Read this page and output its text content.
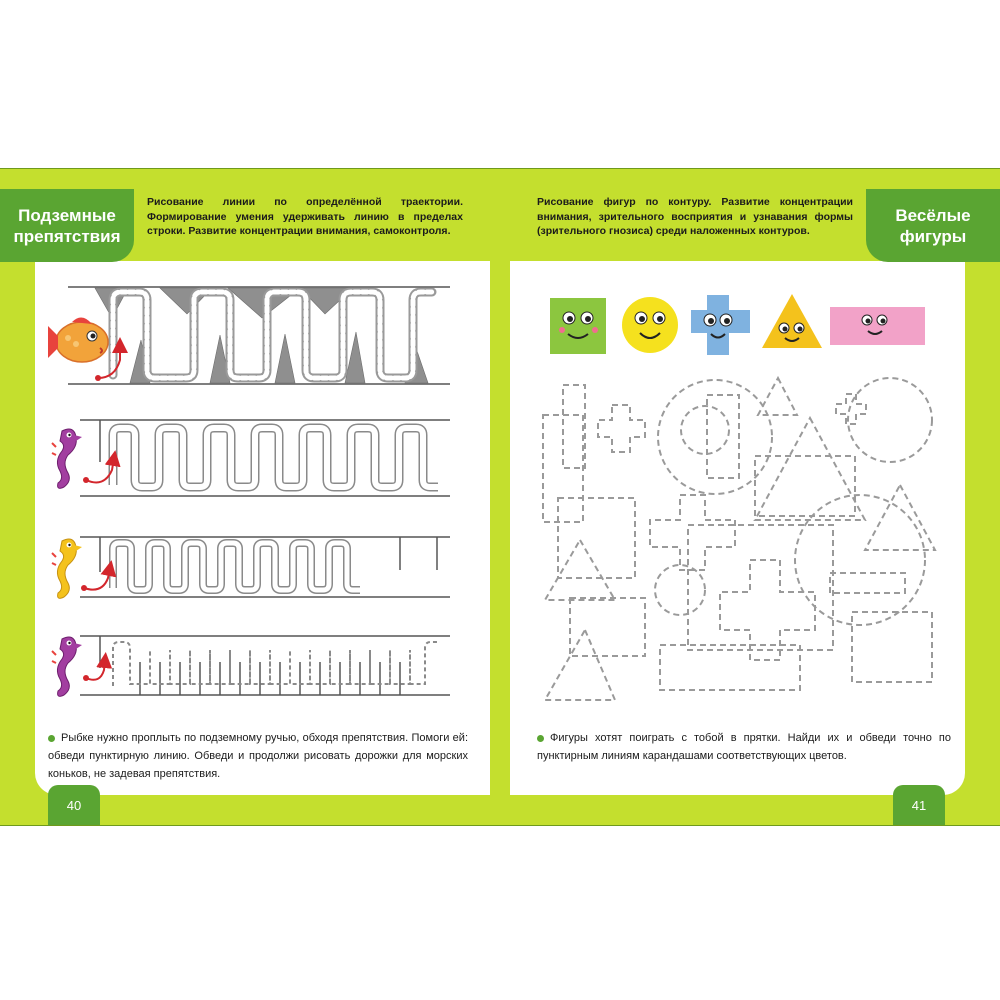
Подземные
препятствия
Весёлые
фигуры
Рисование линии по определённой траектории. Формирование умения удерживать линию в пределах строки. Развитие концентрации внимания, самоконтроля.
Рисование фигур по контуру. Развитие концентрации внимания, зрительного восприятия и узнавания формы (зрительного гнозиса) среди наложенных контуров.
Рыбке нужно проплыть по подземному ручью, обходя препятствия. Помоги ей: обведи пунктирную линию. Обведи и продолжи рисовать дорожки для морских коньков, не задевая препятствия.
Фигуры хотят поиграть с тобой в прятки. Найди их и обведи точно по пунктирным линиям карандашами соответствующих цветов.
40	41
